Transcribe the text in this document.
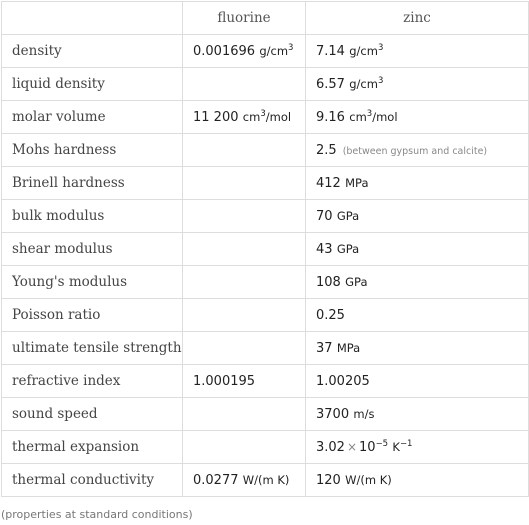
	fluorine	zinc
density	0.001696 $g/cm^3$	7.14 $g/cm^3$
liquid density		6.57 $g/cm^3$
molar volume	11 200 $cm^3$/mol	9.16 $cm^3$/mol
Mohs hardness		2.5 (between gypsum and calcite)
Brinell hardness		412 MPa
bulk modulus		70 GPa
shear modulus		43 GPa
Young's modulus		108 GPa
Poisson ratio		0.25
ultimate tensile strength		37 MPa
refractive index	1.000195	1.00205
sound speed		3700 m/s
thermal expansion		$3.02 \times 10^{-5}$ $K^{-1}$
thermal conductivity	0.0277 W/(m K)	120 W/(m K)
(properties at standard conditions)
